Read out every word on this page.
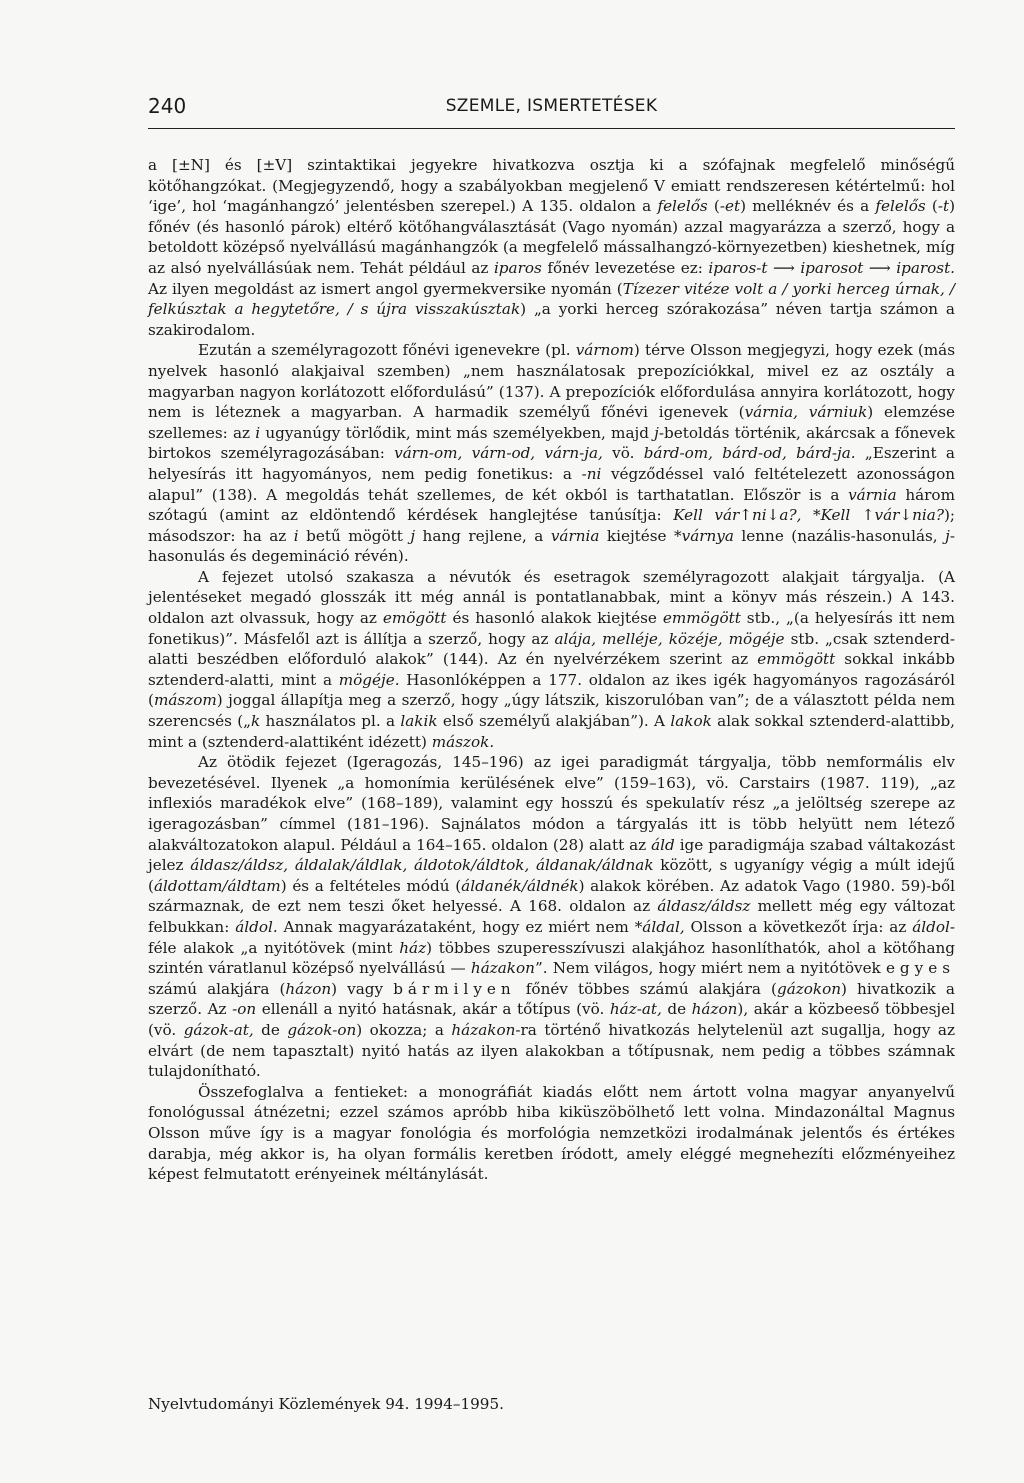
240	SZEMLE, ISMERTETÉSEK

a [±N] és [±V] szintaktikai jegyekre hivatkozva osztja ki a szófajnak megfelelő minőségű kötőhangzókat. (Megjegyzendő, hogy a szabályokban megjelenő V emiatt rendszeresen kétértelmű: hol ‘ige’, hol ‘magánhangzó’ jelentésben szerepel.) A 135. oldalon a felelős (-et) melléknév és a felelős (-t) főnév (és hasonló párok) eltérő kötőhangválasztását (Vago nyomán) azzal magyarázza a szerző, hogy a betoldott középső nyelvállású magánhangzók (a megfelelő mássalhangzó-környezetben) kieshetnek, míg az alsó nyelvállásúak nem. Tehát például az iparos főnév levezetése ez: iparos-t ⟶ iparosot ⟶ iparost. Az ilyen megoldást az ismert angol gyermekversike nyomán (Tízezer vitéze volt a / yorki herceg úrnak, / felkúsztak a hegytetőre, / s újra visszakúsztak) „a yorki herceg szórakozása” néven tartja számon a szakirodalom.

Ezután a személyragozott főnévi igenevekre (pl. várnom) térve Olsson megjegyzi, hogy ezek (más nyelvek hasonló alakjaival szemben) „nem használatosak prepozíciókkal, mivel ez az osztály a magyarban nagyon korlátozott előfordulású” (137). A prepozíciók előfordulása annyira korlátozott, hogy nem is léteznek a magyarban. A harmadik személyű főnévi igenevek (várnia, várniuk) elemzése szellemes: az i ugyanúgy törlődik, mint más személyekben, majd j-betoldás történik, akárcsak a főnevek birtokos személyragozásában: várn-om, várn-od, várn-ja, vö. bárd-om, bárd-od, bárd-ja. „Eszerint a helyesírás itt hagyományos, nem pedig fonetikus: a -ni végződéssel való feltételezett azonosságon alapul” (138). A megoldás tehát szellemes, de két okból is tarthatatlan. Először is a várnia három szótagú (amint az eldöntendő kérdések hanglejtése tanúsítja: Kell vár↑ni↓a?, *Kell ↑vár↓nia?); másodszor: ha az i betű mögött j hang rejlene, a várnia kiejtése *várnya lenne (nazális-hasonulás, j-hasonulás és degemináció révén).

A fejezet utolsó szakasza a névutók és esetragok személyragozott alakjait tárgyalja. (A jelentéseket megadó glosszák itt még annál is pontatlanabbak, mint a könyv más részein.) A 143. oldalon azt olvassuk, hogy az emögött és hasonló alakok kiejtése emmögött stb., „(a helyesírás itt nem fonetikus)”. Másfelől azt is állítja a szerző, hogy az alája, melléje, közéje, mögéje stb. „csak sztenderd-alatti beszédben előforduló alakok” (144). Az én nyelvérzékem szerint az emmögött sokkal inkább sztenderd-alatti, mint a mögéje. Hasonlóképpen a 177. oldalon az ikes igék hagyományos ragozásáról (mászom) joggal állapítja meg a szerző, hogy „úgy látszik, kiszorulóban van”; de a választott példa nem szerencsés („k használatos pl. a lakik első személyű alakjában”). A lakok alak sokkal sztenderd-alattibb, mint a (sztenderd-alattiként idézett) mászok.

Az ötödik fejezet (Igeragozás, 145–196) az igei paradigmát tárgyalja, több nemformális elv bevezetésével. Ilyenek „a homonímia kerülésének elve” (159–163), vö. Carstairs (1987. 119), „az inflexiós maradékok elve” (168–189), valamint egy hosszú és spekulatív rész „a jelöltség szerepe az igeragozásban” címmel (181–196). Sajnálatos módon a tárgyalás itt is több helyütt nem létező alakváltozatokon alapul. Például a 164–165. oldalon (28) alatt az áld ige paradigmája szabad váltakozást jelez áldasz/áldsz, áldalak/áldlak, áldotok/áldtok, áldanak/áldnak között, s ugyanígy végig a múlt idejű (áldottam/áldtam) és a feltételes módú (áldanék/áldnék) alakok körében. Az adatok Vago (1980. 59)-ből származnak, de ezt nem teszi őket helyessé. A 168. oldalon az áldasz/áldsz mellett még egy változat felbukkan: áldol. Annak magyarázataként, hogy ez miért nem *áldal, Olsson a következőt írja: az áldol-féle alakok „a nyitótövek (mint ház) többes szuperesszívuszi alakjához hasonlíthatók, ahol a kötőhang szintén váratlanul középső nyelvállású — házakon”. Nem világos, hogy miért nem a nyitótövek egyes számú alakjára (házon) vagy bármilyen főnév többes számú alakjára (gázokon) hivatkozik a szerző. Az -on ellenáll a nyitó hatásnak, akár a tőtípus (vö. ház-at, de házon), akár a közbeeső többesjel (vö. gázok-at, de gázok-on) okozza; a házakon-ra történő hivatkozás helytelenül azt sugallja, hogy az elvárt (de nem tapasztalt) nyitó hatás az ilyen alakokban a tőtípusnak, nem pedig a többes számnak tulajdonítható.

Összefoglalva a fentieket: a monográfiát kiadás előtt nem ártott volna magyar anyanyelvű fonológussal átnézetni; ezzel számos apróbb hiba kiküszöbölhető lett volna. Mindazonáltal Magnus Olsson műve így is a magyar fonológia és morfológia nemzetközi irodalmának jelentős és értékes darabja, még akkor is, ha olyan formális keretben íródott, amely eléggé megnehezíti előzményeihez képest felmutatott erényeinek méltánylását.

Nyelvtudományi Közlemények 94. 1994–1995.
